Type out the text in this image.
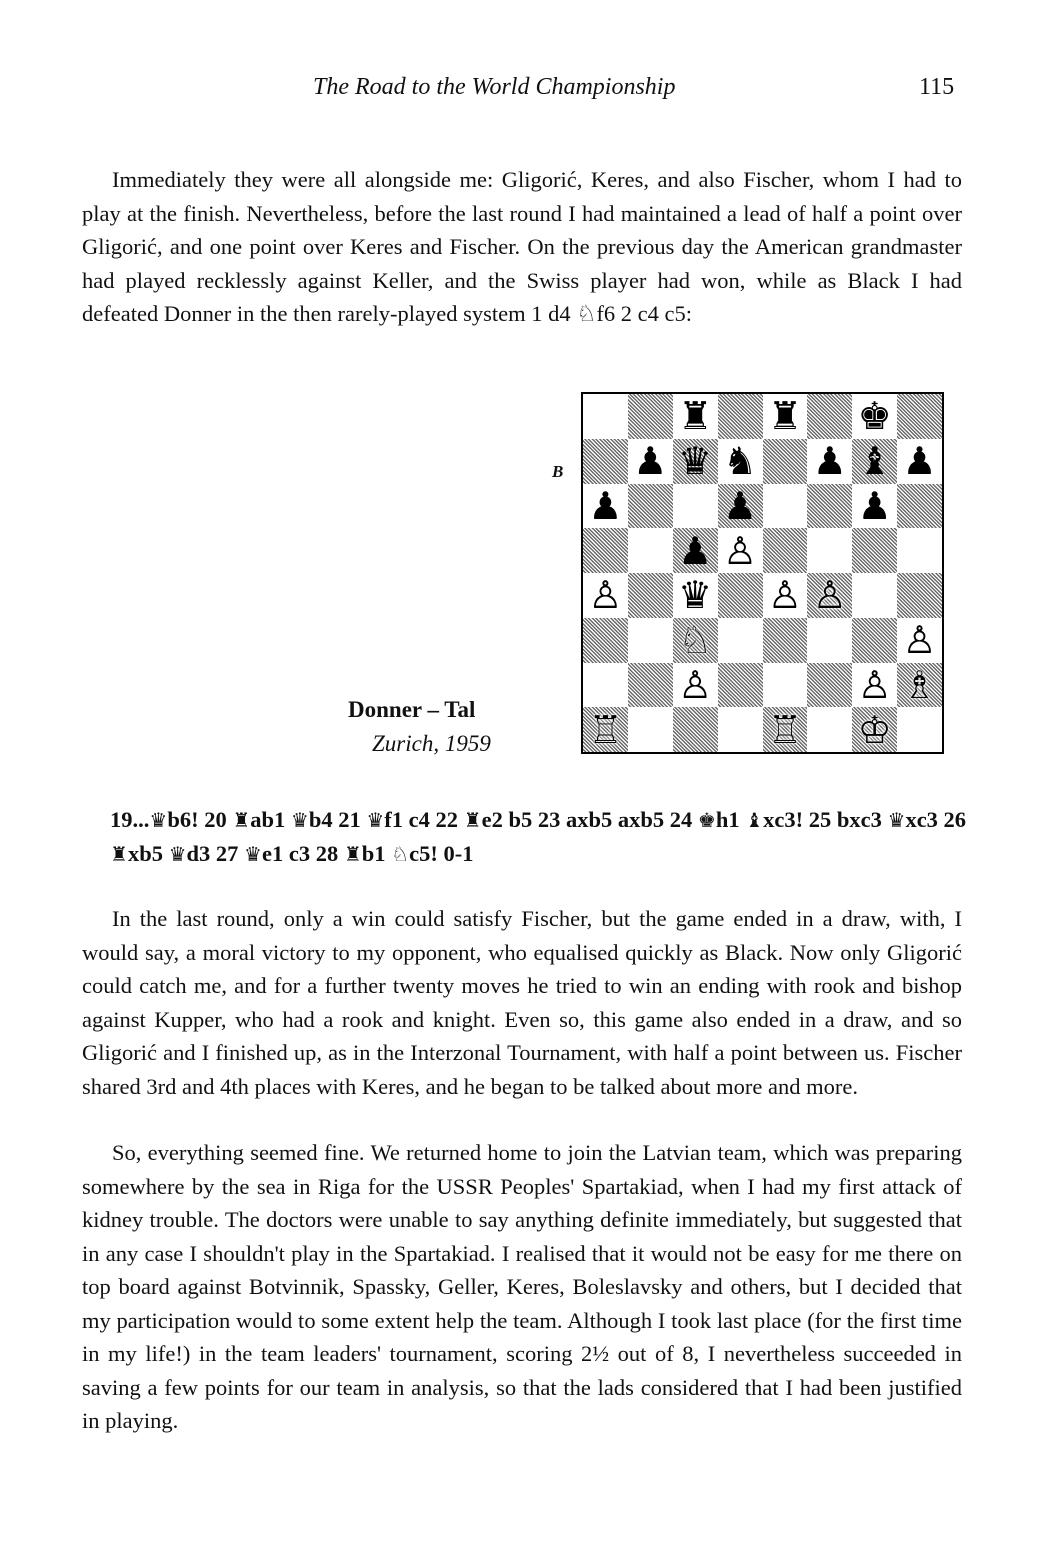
The Road to the World Championship	115

Immediately they were all alongside me: Gligorić, Keres, and also Fischer, whom I had to play at the finish. Nevertheless, before the last round I had maintained a lead of half a point over Gligorić, and one point over Keres and Fischer. On the previous day the American grandmaster had played recklessly against Keller, and the Swiss player had won, while as Black I had defeated Donner in the then rarely-played system 1 d4 ♘f6 2 c4 c5:

B
♜ ♜ ♚
♟ ♛ ♞ ♟ ♝ ♟
♟	♟	♟
♟ ♙
♙ ♛ ♙ ♙
♘	♙
♙	♙ ♗
♖	♖ ♔
Donner – Tal
Zurich, 1959

19...♛b6! 20 ♜ab1 ♛b4 21 ♛f1 c4 22 ♜e2 b5 23 axb5 axb5 24 ♚h1 ♝xc3! 25 bxc3 ♛xc3 26 ♜xb5 ♛d3 27 ♛e1 c3 28 ♜b1 ♘c5! 0-1

In the last round, only a win could satisfy Fischer, but the game ended in a draw, with, I would say, a moral victory to my opponent, who equalised quickly as Black. Now only Gligorić could catch me, and for a further twenty moves he tried to win an ending with rook and bishop against Kupper, who had a rook and knight. Even so, this game also ended in a draw, and so Gligorić and I finished up, as in the Interzonal Tournament, with half a point between us. Fischer shared 3rd and 4th places with Keres, and he began to be talked about more and more.

So, everything seemed fine. We returned home to join the Latvian team, which was preparing somewhere by the sea in Riga for the USSR Peoples' Spartakiad, when I had my first attack of kidney trouble. The doctors were unable to say anything definite immediately, but suggested that in any case I shouldn't play in the Spartakiad. I realised that it would not be easy for me there on top board against Botvinnik, Spassky, Geller, Keres, Boleslavsky and others, but I decided that my participation would to some extent help the team. Although I took last place (for the first time in my life!) in the team leaders' tournament, scoring 2½ out of 8, I nevertheless succeeded in saving a few points for our team in analysis, so that the lads considered that I had been justified in playing.
